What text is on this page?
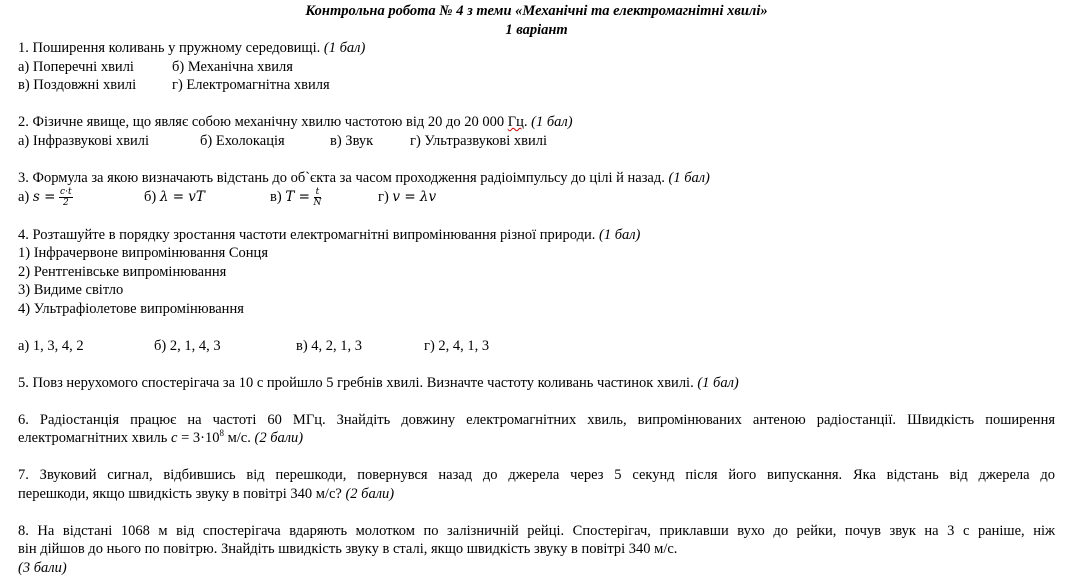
Контрольна робота № 4 з теми «Механічні та електромагнітні хвилі»
1 варіант
1. Поширення коливань у пружному середовищі. (1 бал)
а) Поперечні хвилі	б) Механічна хвиля
в) Поздовжні хвилі г) Електромагнітна хвиля
2. Фізичне явище, що являє собою механічну хвилю частотою від 20 до 20 000 Гц. (1 бал)
а) Інфразвукові хвилі	б) Ехолокація	в) Звук	г) Ультразвукові хвилі
3. Формула за якою визначають відстань до об`єкта за часом проходження радіоімпульсу до цілі й назад. (1 бал)
а) $s = \frac{c\cdot t}{2}$	б) λ = vT	в) $T = \frac{t}{N}$	г) v = λv
4. Розташуйте в порядку зростання частоти електромагнітні випромінювання різної природи. (1 бал)
1) Інфрачервоне випромінювання Сонця
2) Рентгенівське випромінювання
3) Видиме світло
4) Ультрафіолетове випромінювання
а) 1, 3, 4, 2	б) 2, 1, 4, 3	в) 4, 2, 1, 3	г) 2, 4, 1, 3
5. Повз нерухомого спостерігача за 10 с пройшло 5 гребнів хвилі. Визначте частоту коливань частинок хвилі. (1 бал)
6. Радіостанція працює на частоті 60 МГц. Знайдіть довжину електромагнітних хвиль, випромінюваних антеною радіостанції. Швидкість поширення
електромагнітних хвиль $c = 3\cdot 10^8$ м/с. (2 бали)
7. Звуковий сигнал, відбившись від перешкоди, повернувся назад до джерела через 5 секунд після його випускання. Яка відстань від джерела до
перешкоди, якщо швидкість звуку в повітрі 340 м/с? (2 бали)
8. На відстані 1068 м від спостерігача вдаряють молотком по залізничній рейці. Спостерігач, приклавши вухо до рейки, почув звук на 3 с раніше, ніж
він дійшов до нього по повітрю. Знайдіть швидкість звуку в сталі, якщо швидкість звуку в повітрі 340 м/с.
(3 бали)
